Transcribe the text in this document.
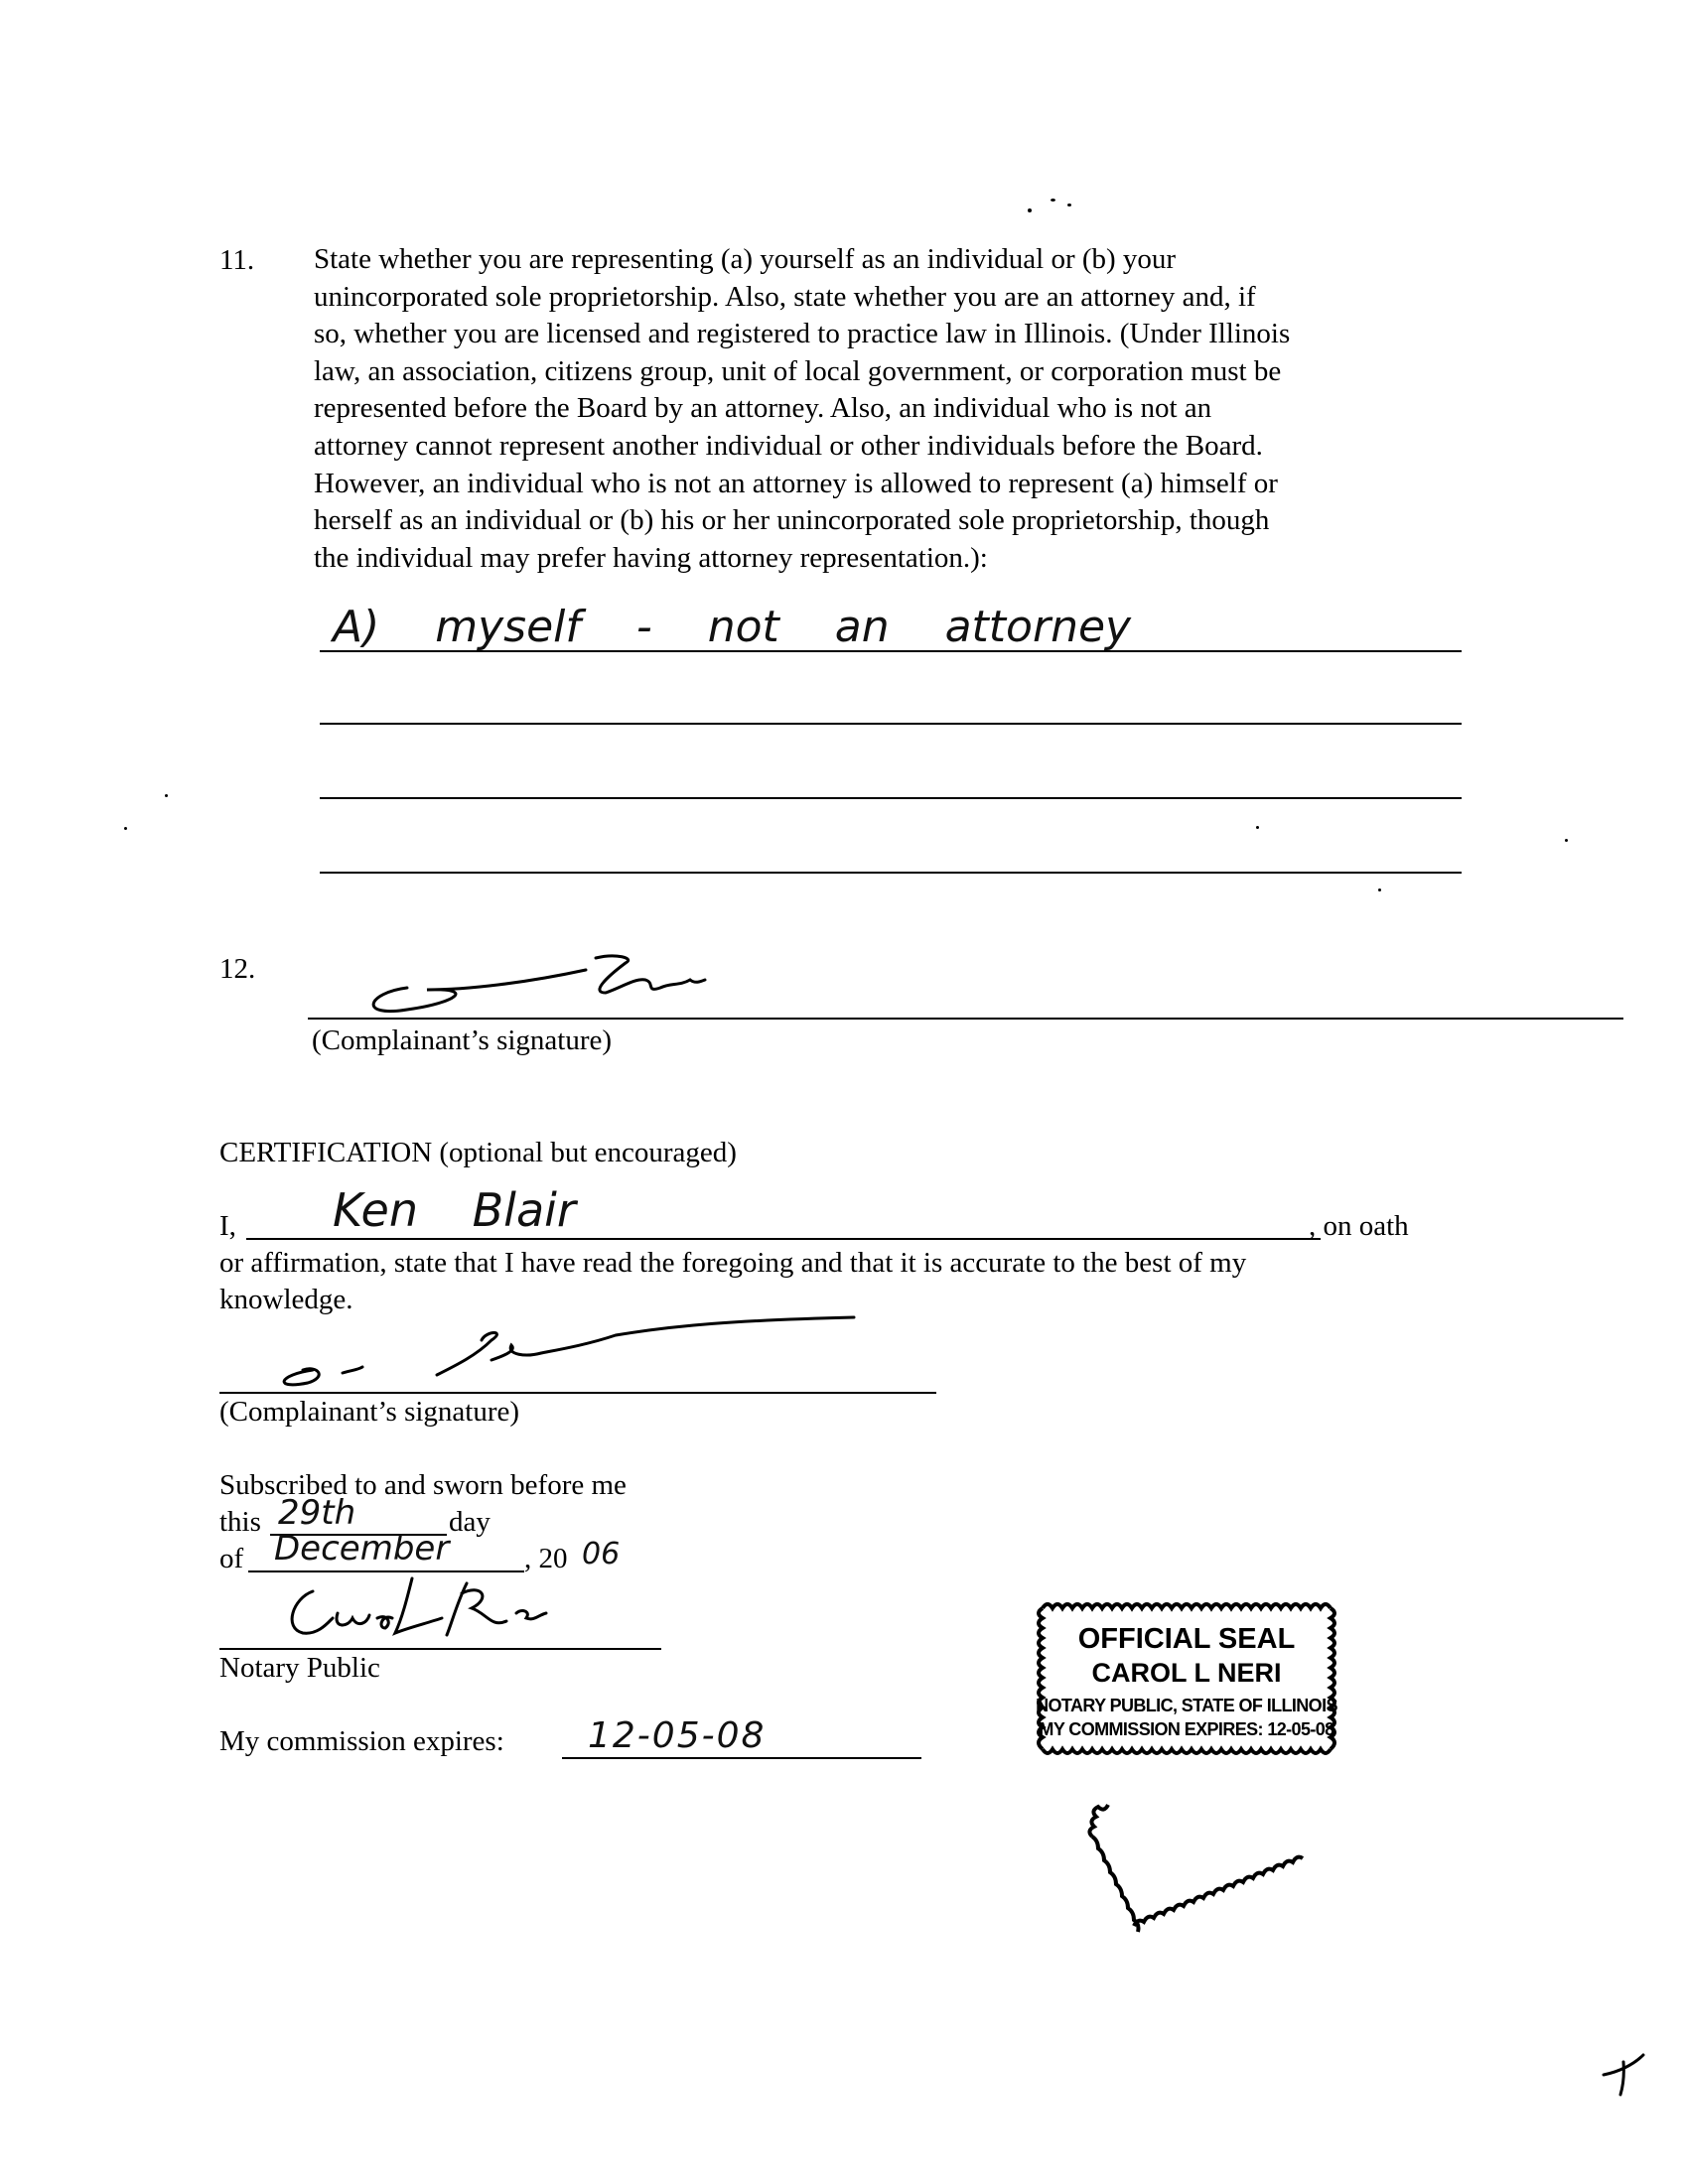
11. State whether you are representing (a) yourself as an individual or (b) your
unincorporated sole proprietorship. Also, state whether you are an attorney and, if
so, whether you are licensed and registered to practice law in Illinois. (Under Illinois
law, an association, citizens group, unit of local government, or corporation must be
represented before the Board by an attorney. Also, an individual who is not an
attorney cannot represent another individual or other individuals before the Board.
However, an individual who is not an attorney is allowed to represent (a) himself or
herself as an individual or (b) his or her unincorporated sole proprietorship, though
the individual may prefer having attorney representation.):
A) myself - not an attorney
12.
(Complainant’s signature)
CERTIFICATION (optional but encouraged)
I, Ken Blair	, on oath
or affirmation, state that I have read the foregoing and that it is accurate to the best of my
knowledge.
(Complainant’s signature)
Subscribed to and sworn before me
this 29th	day
of December	, 20 06
Notary Public
My commission expires: 12-05-08
OFFICIAL SEAL
CAROL L NERI
NOTARY PUBLIC, STATE OF ILLINOIS
MY COMMISSION EXPIRES: 12-05-08
